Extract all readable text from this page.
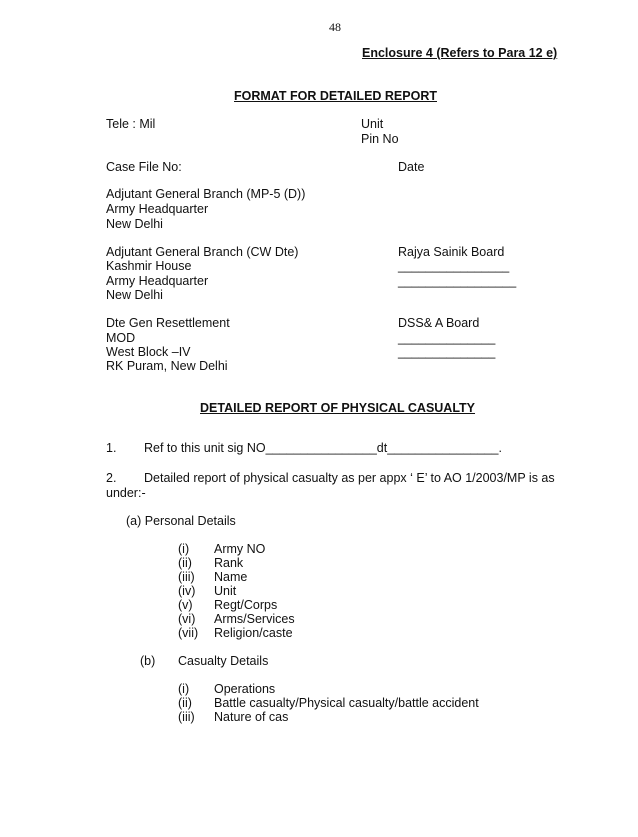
48
Enclosure 4 (Refers to Para 12 e)
FORMAT FOR DETAILED REPORT
Tele : Mil	Unit
Pin No
Case File No:	Date
Adjutant General Branch (MP-5 (D))
Army Headquarter
New Delhi
Adjutant General Branch (CW Dte)
Kashmir House
Army Headquarter
New Delhi
Rajya Sainik Board
________________
_________________
Dte Gen Resettlement
MOD
West Block –IV
RK Puram, New Delhi
DSS& A Board
______________
______________
DETAILED REPORT OF PHYSICAL CASUALTY
1. Ref to this unit sig NO________________dt________________.
2. Detailed report of physical casualty as per appx ‘ E’ to AO 1/2003/MP is as
under:-
(a) Personal Details
(i) Army NO
(ii) Rank
(iii) Name
(iv) Unit
(v) Regt/Corps
(vi) Arms/Services
(vii) Religion/caste
(b) Casualty Details
(i) Operations
(ii) Battle casualty/Physical casualty/battle accident
(iii) Nature of cas
